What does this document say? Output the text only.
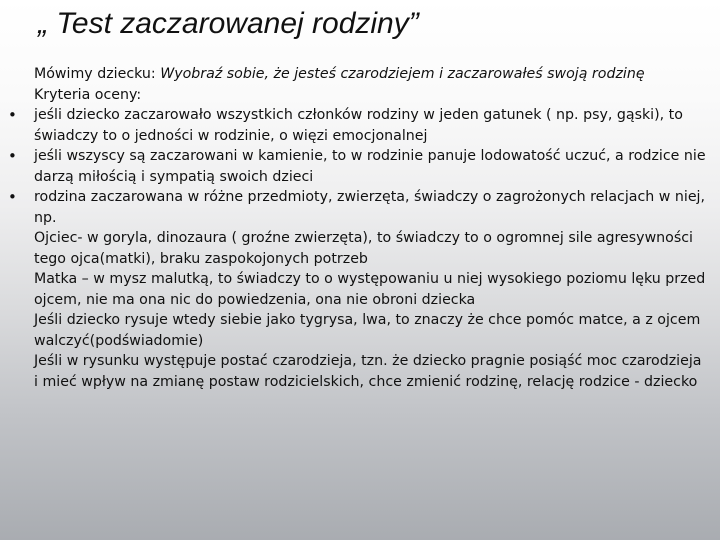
„ Test zaczarowanej rodziny”

Mówimy dziecku: Wyobraź sobie, że jesteś czarodziejem i zaczarowałeś swoją rodzinę

Kryteria oceny:

• jeśli dziecko zaczarowało wszystkich członków rodziny w jeden gatunek ( np. psy, gąski), to świadczy to o jedności w rodzinie, o więzi emocjonalnej

• jeśli wszyscy są zaczarowani w kamienie, to w rodzinie panuje lodowatość uczuć, a rodzice nie darzą miłością i sympatią swoich dzieci

• rodzina zaczarowana w różne przedmioty, zwierzęta, świadczy o zagrożonych relacjach w niej, np.

Ojciec- w goryla, dinozaura ( groźne zwierzęta), to świadczy to o ogromnej sile agresywności tego ojca(matki), braku zaspokojonych potrzeb

Matka – w mysz malutką, to świadczy to o występowaniu u niej wysokiego poziomu lęku przed ojcem, nie ma ona nic do powiedzenia, ona nie obroni dziecka

Jeśli dziecko rysuje wtedy siebie jako tygrysa, lwa, to znaczy że chce pomóc matce, a z ojcem walczyć(podświadomie)

Jeśli w rysunku występuje postać czarodzieja, tzn. że dziecko pragnie posiąść moc czarodzieja i mieć wpływ na zmianę postaw rodzicielskich, chce zmienić rodzinę, relację rodzice - dziecko
